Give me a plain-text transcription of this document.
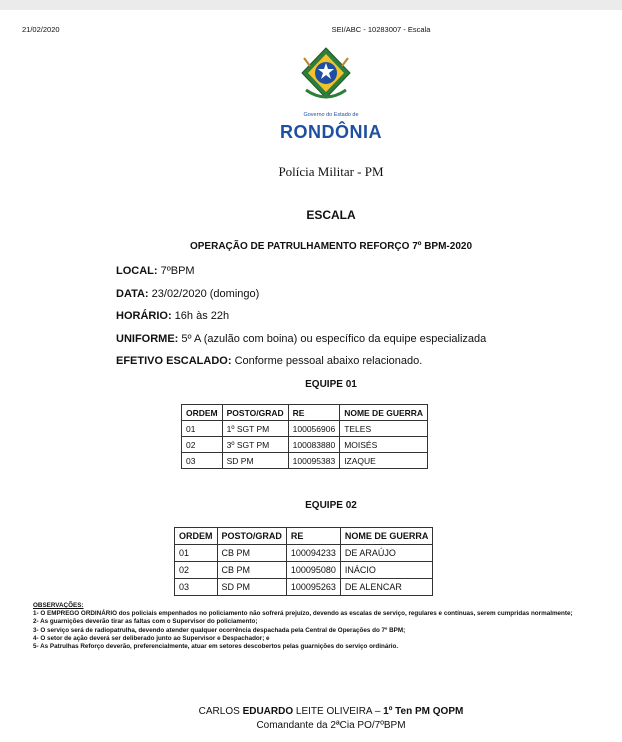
21/02/2020	SEI/ABC - 10283007 - Escala
Governo do Estado de
RONDÔNIA
Polícia Militar - PM
ESCALA
OPERAÇÃO DE PATRULHAMENTO REFORÇO 7º BPM-2020
LOCAL: 7ºBPM
DATA: 23/02/2020 (domingo)
HORÁRIO: 16h às 22h
UNIFORME: 5º A (azulão com boina) ou específico da equipe especializada
EFETIVO ESCALADO: Conforme pessoal abaixo relacionado.
EQUIPE 01
ORDEM	POSTO/GRAD	RE	NOME DE GUERRA
01	1º SGT PM	100056906	TELES
02	3º SGT PM	100083880	MOISÉS
03	SD PM	100095383	IZAQUE
EQUIPE 02
ORDEM	POSTO/GRAD	RE	NOME DE GUERRA
01	CB PM	100094233	DE ARAÚJO
02	CB PM	100095080	INÁCIO
03	SD PM	100095263	DE ALENCAR
OBSERVAÇÕES:

1- O EMPREGO ORDINÁRIO dos policiais empenhados no policiamento não sofrerá prejuízo, devendo as escalas de serviço, regulares e contínuas, serem cumpridas normalmente;

2- As guarnições deverão tirar as faltas com o Supervisor do policiamento;

3- O serviço será de radiopatrulha, devendo atender qualquer ocorrência despachada pela Central de Operações do 7º BPM;

4- O setor de ação deverá ser deliberado junto ao Supervisor e Despachador; e

5- As Patrulhas Reforço deverão, preferencialmente, atuar em setores descobertos pelas guarnições do serviço ordinário.

CARLOS EDUARDO LEITE OLIVEIRA – 1º Ten PM QOPM
Comandante da 2ªCia PO/7ºBPM
